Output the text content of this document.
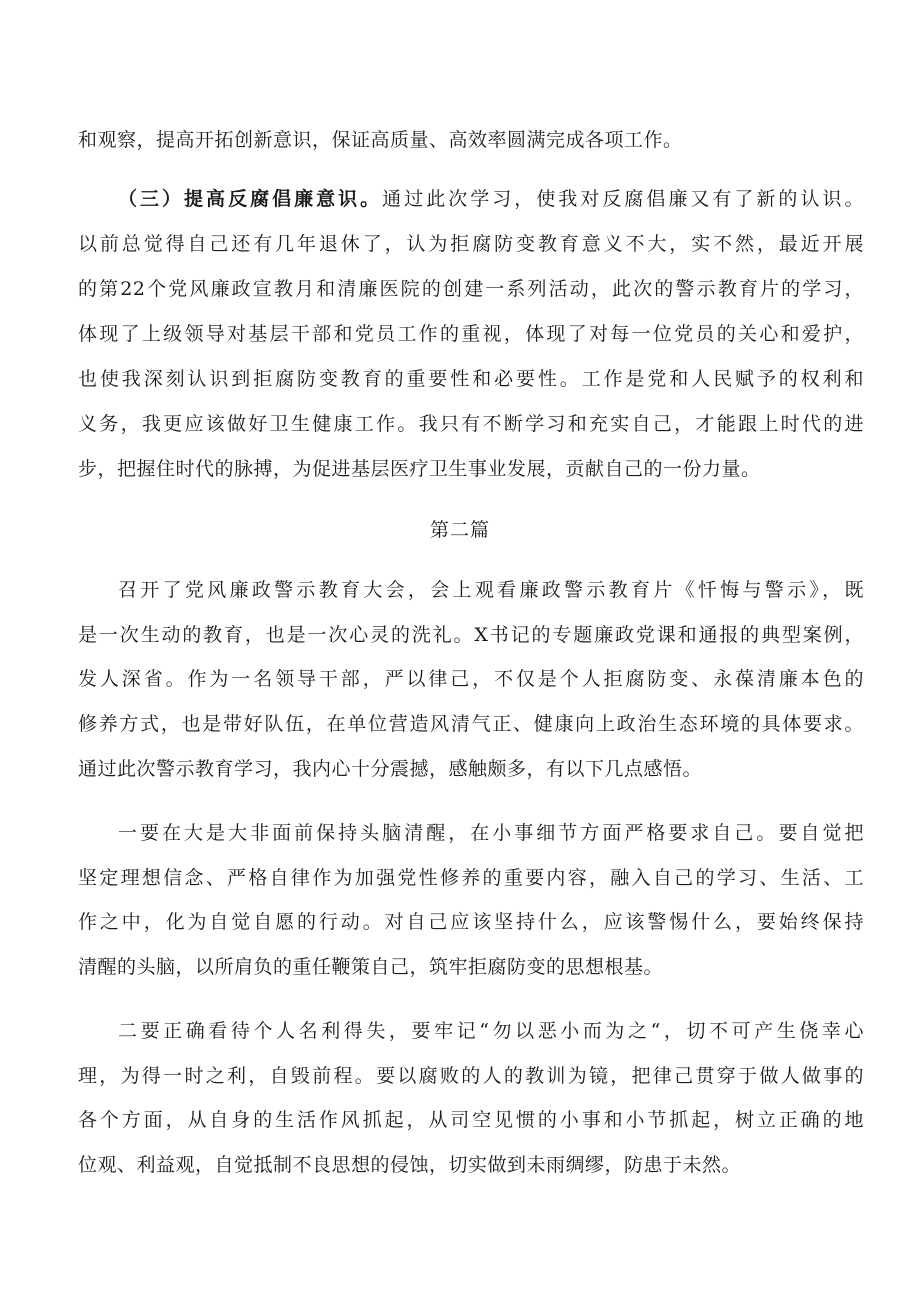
和观察，提高开拓创新意识，保证高质量、高效率圆满完成各项工作。
（三）提高反腐倡廉意识。通过此次学习，使我对反腐倡廉又有了新的认识。
以前总觉得自己还有几年退休了，认为拒腐防变教育意义不大，实不然，最近开展
的第22个党风廉政宣教月和清廉医院的创建一系列活动，此次的警示教育片的学习，
体现了上级领导对基层干部和党员工作的重视，体现了对每一位党员的关心和爱护，
也使我深刻认识到拒腐防变教育的重要性和必要性。工作是党和人民赋予的权利和
义务，我更应该做好卫生健康工作。我只有不断学习和充实自己，才能跟上时代的进
步，把握住时代的脉搏，为促进基层医疗卫生事业发展，贡献自己的一份力量。
第二篇
召开了党风廉政警示教育大会，会上观看廉政警示教育片《忏悔与警示》，既
是一次生动的教育，也是一次心灵的洗礼。X书记的专题廉政党课和通报的典型案例，
发人深省。作为一名领导干部，严以律己，不仅是个人拒腐防变、永葆清廉本色的
修养方式，也是带好队伍，在单位营造风清气正、健康向上政治生态环境的具体要求。
通过此次警示教育学习，我内心十分震撼，感触颇多，有以下几点感悟。
一要在大是大非面前保持头脑清醒，在小事细节方面严格要求自己。要自觉把
坚定理想信念、严格自律作为加强党性修养的重要内容，融入自己的学习、生活、工
作之中，化为自觉自愿的行动。对自己应该坚持什么，应该警惕什么，要始终保持
清醒的头脑，以所肩负的重任鞭策自己，筑牢拒腐防变的思想根基。
二要正确看待个人名利得失，要牢记“勿以恶小而为之“，切不可产生侥幸心
理，为得一时之利，自毁前程。要以腐败的人的教训为镜，把律己贯穿于做人做事的
各个方面，从自身的生活作风抓起，从司空见惯的小事和小节抓起，树立正确的地
位观、利益观，自觉抵制不良思想的侵蚀，切实做到未雨绸缪，防患于未然。
